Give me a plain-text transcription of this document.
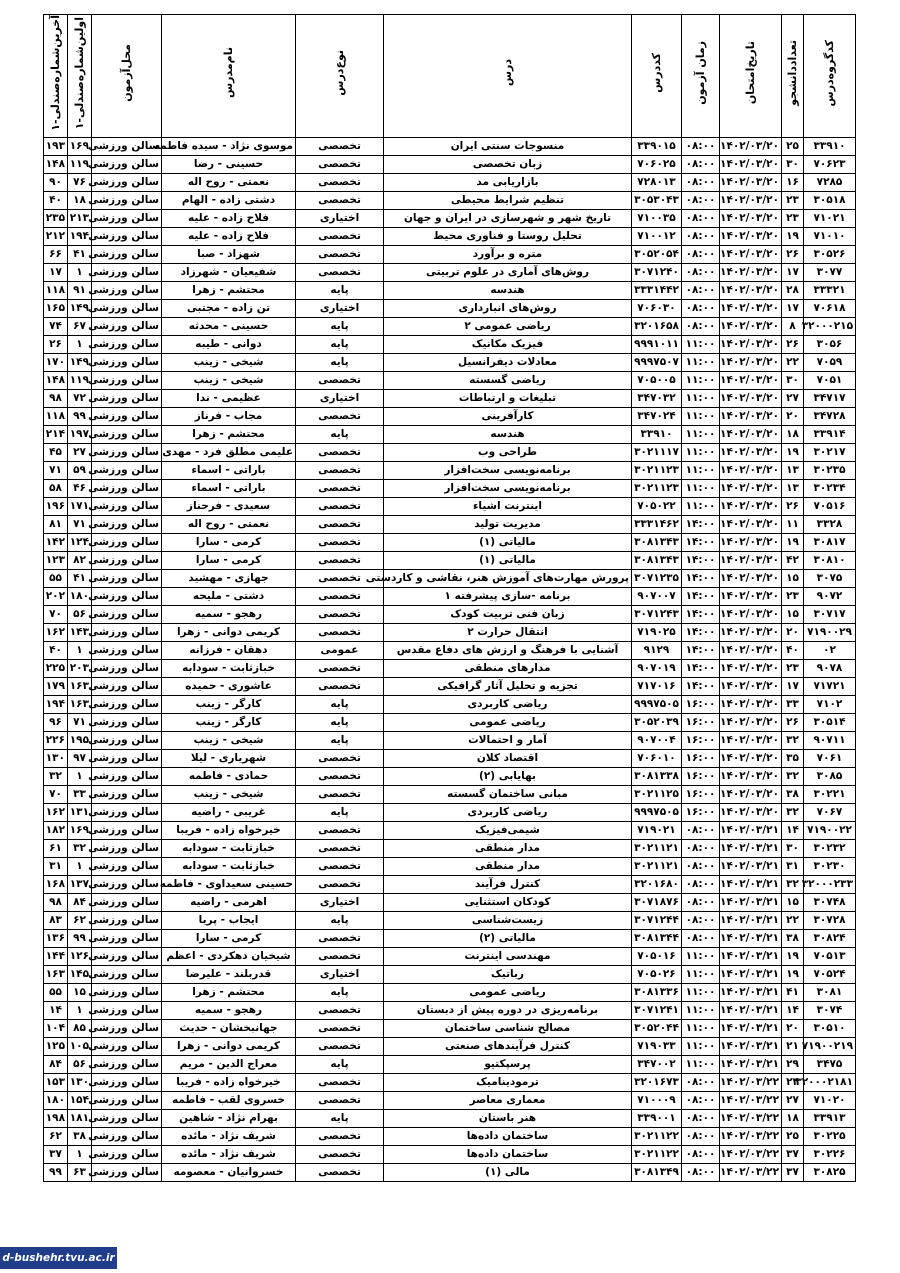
کدگروه‌درس	تعداددانشجو	تاریخ‌امتحان	زمان آزمون	کددرس	درس	نوع‌درس	نام‌مدرس	محل‌آزمون	اولین‌شماره‌صندلی-۱	آخرین‌شماره‌صندلی-۱
۳۳۹۱۰	۲۵	۱۴۰۲/۰۳/۲۰	۰۸:۰۰	۳۳۹۰۱۵	منسوجات سنتی ایران	تخصصی	موسوی نژاد - سیده فاطمه	سالن ورزشی	۱۶۹	۱۹۳
۷۰۶۲۳	۳۰	۱۴۰۲/۰۳/۲۰	۰۸:۰۰	۷۰۶۰۲۵	زبان تخصصی	تخصصی	حسینی - رضا	سالن ورزشی	۱۱۹	۱۴۸
۷۲۸۵	۱۶	۱۴۰۲/۰۳/۲۰	۰۸:۰۰	۷۲۸۰۱۳	بازاریابی مد	تخصصی	نعمتی - روح اله	سالن ورزشی	۷۶	۹۰
۳۰۵۱۸	۲۳	۱۴۰۲/۰۳/۲۰	۰۸:۰۰	۳۰۵۳۰۴۳	تنظیم شرایط محیطی	تخصصی	دشتی زاده - الهام	سالن ورزشی	۱۸	۴۰
۷۱۰۲۱	۲۳	۱۴۰۲/۰۳/۲۰	۰۸:۰۰	۷۱۰۰۳۵	تاریخ شهر و شهرسازی در ایران و جهان	اختیاری	فلاح زاده - علیه	سالن ورزشی	۲۱۳	۲۳۵
۷۱۰۱۰	۱۹	۱۴۰۲/۰۳/۲۰	۰۸:۰۰	۷۱۰۰۱۲	تحلیل روستا و فناوری محیط	تخصصی	فلاح زاده - علیه	سالن ورزشی	۱۹۴	۲۱۲
۳۰۵۲۶	۲۶	۱۴۰۲/۰۳/۲۰	۰۸:۰۰	۳۰۵۲۰۵۴	متره و برآورد	تخصصی	شهزاد - صبا	سالن ورزشی	۴۱	۶۶
۳۰۷۷	۱۷	۱۴۰۲/۰۳/۲۰	۰۸:۰۰	۳۰۷۱۲۴۰	روش‌های آماری در علوم تربیتی	تخصصی	شفیعیان - شهرزاد	سالن ورزشی	۱	۱۷
۳۳۳۲۱	۲۸	۱۴۰۲/۰۳/۲۰	۰۸:۰۰	۳۳۳۱۴۴۲	هندسه	پایه	محتشم - زهرا	سالن ورزشی	۹۱	۱۱۸
۷۰۶۱۸	۱۷	۱۴۰۲/۰۳/۲۰	۰۸:۰۰	۷۰۶۰۳۰	روش‌های انبارداری	اختیاری	تن زاده - مجتبی	سالن ورزشی	۱۴۹	۱۶۵
۳۲۰۰۰۲۱۵	۸	۱۴۰۲/۰۳/۲۰	۰۸:۰۰	۳۲۰۱۶۵۸	ریاضی عمومی ۲	پایه	حسینی - محدثه	سالن ورزشی	۶۷	۷۴
۳۰۵۶	۲۶	۱۴۰۲/۰۳/۲۰	۱۱:۰۰	۹۹۹۱۰۱۱	فیزیک مکانیک	پایه	دوانی - طیبه	سالن ورزشی	۱	۲۶
۷۰۵۹	۲۲	۱۴۰۲/۰۳/۲۰	۱۱:۰۰	۹۹۹۷۵۰۷	معادلات دیفرانسیل	پایه	شیخی - زینب	سالن ورزشی	۱۴۹	۱۷۰
۷۰۵۱	۳۰	۱۴۰۲/۰۳/۲۰	۱۱:۰۰	۷۰۵۰۰۵	ریاضی گسسته	تخصصی	شیخی - زینب	سالن ورزشی	۱۱۹	۱۴۸
۳۴۷۱۷	۲۷	۱۴۰۲/۰۳/۲۰	۱۱:۰۰	۳۴۷۰۳۲	تبلیغات و ارتباطات	اختیاری	عظیمی - ندا	سالن ورزشی	۷۲	۹۸
۳۴۷۲۸	۲۰	۱۴۰۲/۰۳/۲۰	۱۱:۰۰	۳۴۷۰۲۴	کارآفرینی	تخصصی	مجاب - فرناز	سالن ورزشی	۹۹	۱۱۸
۳۳۹۱۴	۱۸	۱۴۰۲/۰۳/۲۰	۱۱:۰۰	۳۳۹۱۰	هندسه	پایه	محتشم - زهرا	سالن ورزشی	۱۹۷	۲۱۴
۳۰۲۱۷	۱۹	۱۴۰۲/۰۳/۲۰	۱۱:۰۰	۳۰۲۱۱۱۷	طراحی وب	تخصصی	علیمی مطلق فرد - مهدی	سالن ورزشی	۲۷	۴۵
۳۰۲۳۵	۱۳	۱۴۰۲/۰۳/۲۰	۱۱:۰۰	۳۰۲۱۱۲۳	برنامه‌نویسی سخت‌افزار	تخصصی	باراتی - اسماء	سالن ورزشی	۵۹	۷۱
۳۰۲۳۴	۱۳	۱۴۰۲/۰۳/۲۰	۱۱:۰۰	۳۰۲۱۱۲۳	برنامه‌نویسی سخت‌افزار	تخصصی	باراتی - اسماء	سالن ورزشی	۴۶	۵۸
۷۰۵۱۶	۲۶	۱۴۰۲/۰۳/۲۰	۱۱:۰۰	۷۰۵۰۲۲	اینترنت اشیاء	تخصصی	سعیدی - فرحناز	سالن ورزشی	۱۷۱	۱۹۶
۳۳۲۸	۱۱	۱۴۰۲/۰۳/۲۰	۱۴:۰۰	۳۳۳۱۴۶۲	مدیریت تولید	تخصصی	نعمتی - روح اله	سالن ورزشی	۷۱	۸۱
۳۰۸۱۷	۱۹	۱۴۰۲/۰۳/۲۰	۱۴:۰۰	۳۰۸۱۳۴۳	مالیاتی (۱)	تخصصی	کرمی - سارا	سالن ورزشی	۱۲۴	۱۴۲
۳۰۸۱۰	۴۲	۱۴۰۲/۰۳/۲۰	۱۴:۰۰	۳۰۸۱۳۴۳	مالیاتی (۱)	تخصصی	کرمی - سارا	سالن ورزشی	۸۲	۱۲۳
۳۰۷۵	۱۵	۱۴۰۲/۰۳/۲۰	۱۴:۰۰	۳۰۷۱۲۳۵	پرورش مهارت‌های آموزش هنر، نقاشی و کاردستی	تخصصی	جهازی - مهشید	سالن ورزشی	۴۱	۵۵
۹۰۷۲	۲۳	۱۴۰۲/۰۳/۲۰	۱۴:۰۰	۹۰۷۰۰۷	برنامه -سازی پیشرفته ۱	تخصصی	دشتی - ملیحه	سالن ورزشی	۱۸۰	۲۰۲
۳۰۷۱۷	۱۵	۱۴۰۲/۰۳/۲۰	۱۴:۰۰	۳۰۷۱۲۴۳	زبان فنی تربیت کودک	تخصصی	رهجو - سمیه	سالن ورزشی	۵۶	۷۰
۷۱۹۰۰۲۹	۲۰	۱۴۰۲/۰۳/۲۰	۱۴:۰۰	۷۱۹۰۲۵	انتقال حرارت ۲	تخصصی	کریمی دوانی - زهرا	سالن ورزشی	۱۴۳	۱۶۲
۰۲	۴۰	۱۴۰۲/۰۳/۲۰	۱۴:۰۰	۹۱۲۹	آشنایی با فرهنگ و ارزش های دفاع مقدس	عمومی	دهقان - فرزانه	سالن ورزشی	۱	۴۰
۹۰۷۸	۲۳	۱۴۰۲/۰۳/۲۰	۱۴:۰۰	۹۰۷۰۱۹	مدارهای منطقی	تخصصی	خبازثابت - سودابه	سالن ورزشی	۲۰۳	۲۲۵
۷۱۷۲۱	۱۷	۱۴۰۲/۰۳/۲۰	۱۴:۰۰	۷۱۷۰۱۶	تجزیه و تحلیل آثار گرافیکی	تخصصی	عاشوری - حمیده	سالن ورزشی	۱۶۳	۱۷۹
۷۱۰۲	۳۳	۱۴۰۲/۰۳/۲۰	۱۶:۰۰	۹۹۹۷۵۰۵	ریاضی کاربردی	پایه	کارگر - زینب	سالن ورزشی	۱۶۳	۱۹۴
۳۰۵۱۴	۲۶	۱۴۰۲/۰۳/۲۰	۱۶:۰۰	۳۰۵۲۰۳۹	ریاضی عمومی	پایه	کارگر - زینب	سالن ورزشی	۷۱	۹۶
۹۰۷۱۱	۳۲	۱۴۰۲/۰۳/۲۰	۱۶:۰۰	۹۰۷۰۰۴	آمار و احتمالات	پایه	شیخی - زینب	سالن ورزشی	۱۹۵	۲۲۶
۷۰۶۱	۳۵	۱۴۰۲/۰۳/۲۰	۱۶:۰۰	۷۰۶۰۱۰	اقتصاد کلان	تخصصی	شهریاری - لیلا	سالن ورزشی	۹۷	۱۳۰
۳۰۸۵	۳۲	۱۴۰۲/۰۳/۲۰	۱۶:۰۰	۳۰۸۱۳۳۸	بهایابی (۲)	تخصصی	حمادی - فاطمه	سالن ورزشی	۱	۳۲
۳۰۲۲۱	۳۸	۱۴۰۲/۰۳/۲۰	۱۶:۰۰	۳۰۲۱۱۲۵	مبانی ساختمان گسسته	تخصصی	شیخی - زینب	سالن ورزشی	۳۳	۷۰
۷۰۶۷	۳۲	۱۴۰۲/۰۳/۲۰	۱۶:۰۰	۹۹۹۷۵۰۵	ریاضی کاربردی	پایه	غریبی - راضیه	سالن ورزشی	۱۳۱	۱۶۲
۷۱۹۰۰۲۲	۱۴	۱۴۰۲/۰۳/۲۱	۰۸:۰۰	۷۱۹۰۲۱	شیمی‌فیزیک	تخصصی	خیرخواه زاده - فریبا	سالن ورزشی	۱۶۹	۱۸۲
۳۰۲۳۲	۳۰	۱۴۰۲/۰۳/۲۱	۰۸:۰۰	۳۰۲۱۱۲۱	مدار منطقی	تخصصی	خبازثابت - سودابه	سالن ورزشی	۳۲	۶۱
۳۰۲۳۰	۳۱	۱۴۰۲/۰۳/۲۱	۰۸:۰۰	۳۰۲۱۱۲۱	مدار منطقی	تخصصی	خبازثابت - سودابه	سالن ورزشی	۱	۳۱
۳۲۰۰۰۲۳۳	۳۲	۱۴۰۲/۰۳/۲۱	۰۸:۰۰	۳۲۰۱۶۸۰	کنترل فرآیند	تخصصی	حسینی سعیداوی - فاطمه	سالن ورزشی	۱۳۷	۱۶۸
۳۰۷۴۸	۱۵	۱۴۰۲/۰۳/۲۱	۰۸:۰۰	۳۰۷۱۸۷۶	کودکان استثنایی	اختیاری	اهرمی - راضیه	سالن ورزشی	۸۴	۹۸
۳۰۷۲۸	۲۲	۱۴۰۲/۰۳/۲۱	۰۸:۰۰	۳۰۷۱۲۴۴	زیست‌شناسی	پایه	ایجاب - پریا	سالن ورزشی	۶۲	۸۳
۳۰۸۲۴	۳۸	۱۴۰۲/۰۳/۲۱	۰۸:۰۰	۳۰۸۱۳۴۴	مالیاتی (۲)	تخصصی	کرمی - سارا	سالن ورزشی	۹۹	۱۳۶
۷۰۵۱۳	۱۹	۱۴۰۲/۰۳/۲۱	۱۱:۰۰	۷۰۵۰۱۶	مهندسی اینترنت	تخصصی	شیخیان دهکردی - اعظم	سالن ورزشی	۱۲۶	۱۴۴
۷۰۵۲۴	۱۹	۱۴۰۲/۰۳/۲۱	۱۱:۰۰	۷۰۵۰۲۶	رباتیک	اختیاری	قدربلند - علیرضا	سالن ورزشی	۱۴۵	۱۶۳
۳۰۸۱	۴۱	۱۴۰۲/۰۳/۲۱	۱۱:۰۰	۳۰۸۱۳۳۶	ریاضی عمومی	پایه	محتشم - زهرا	سالن ورزشی	۱۵	۵۵
۳۰۷۴	۱۴	۱۴۰۲/۰۳/۲۱	۱۱:۰۰	۳۰۷۱۲۴۱	برنامه‌ریزی در دوره پیش از دبستان	تخصصی	رهجو - سمیه	سالن ورزشی	۱	۱۴
۳۰۵۱۰	۲۰	۱۴۰۲/۰۳/۲۱	۱۱:۰۰	۳۰۵۲۰۴۴	مصالح شناسی ساختمان	تخصصی	جهانبخشان - حدیث	سالن ورزشی	۸۵	۱۰۴
۷۱۹۰۰۲۱۹	۲۱	۱۴۰۲/۰۳/۲۱	۱۱:۰۰	۷۱۹۰۳۳	کنترل فرآیندهای صنعتی	تخصصی	کریمی دوانی - زهرا	سالن ورزشی	۱۰۵	۱۲۵
۳۴۷۵	۲۹	۱۴۰۲/۰۳/۲۱	۱۱:۰۰	۳۴۷۰۰۲	پرسپکتیو	پایه	معراج الدین - مریم	سالن ورزشی	۵۶	۸۴
۳۲۰۰۰۲۱۸۱	۲۴	۱۴۰۲/۰۳/۲۲	۰۸:۰۰	۳۲۰۱۶۷۳	ترمودینامیک	تخصصی	خیرخواه زاده - فریبا	سالن ورزشی	۱۳۰	۱۵۳
۷۱۰۲۰	۲۷	۱۴۰۲/۰۳/۲۲	۰۸:۰۰	۷۱۰۰۰۹	معماری معاصر	تخصصی	خسروی لقب - فاطمه	سالن ورزشی	۱۵۴	۱۸۰
۳۳۹۱۳	۱۸	۱۴۰۲/۰۳/۲۲	۰۸:۰۰	۳۳۹۰۰۱	هنر باستان	پایه	بهرام نژاد - شاهین	سالن ورزشی	۱۸۱	۱۹۸
۳۰۲۲۵	۲۵	۱۴۰۲/۰۳/۲۲	۰۸:۰۰	۳۰۲۱۱۲۲	ساختمان داده‌ها	تخصصی	شریف نژاد - مائده	سالن ورزشی	۳۸	۶۲
۳۰۲۲۶	۳۷	۱۴۰۲/۰۳/۲۲	۰۸:۰۰	۳۰۲۱۱۲۲	ساختمان داده‌ها	تخصصی	شریف نژاد - مائده	سالن ورزشی	۱	۳۷
۳۰۸۲۵	۳۷	۱۴۰۲/۰۳/۲۲	۰۸:۰۰	۳۰۸۱۳۴۹	مالی (۱)	تخصصی	خسروانیان - معصومه	سالن ورزشی	۶۳	۹۹
d-bushehr.tvu.ac.ir
